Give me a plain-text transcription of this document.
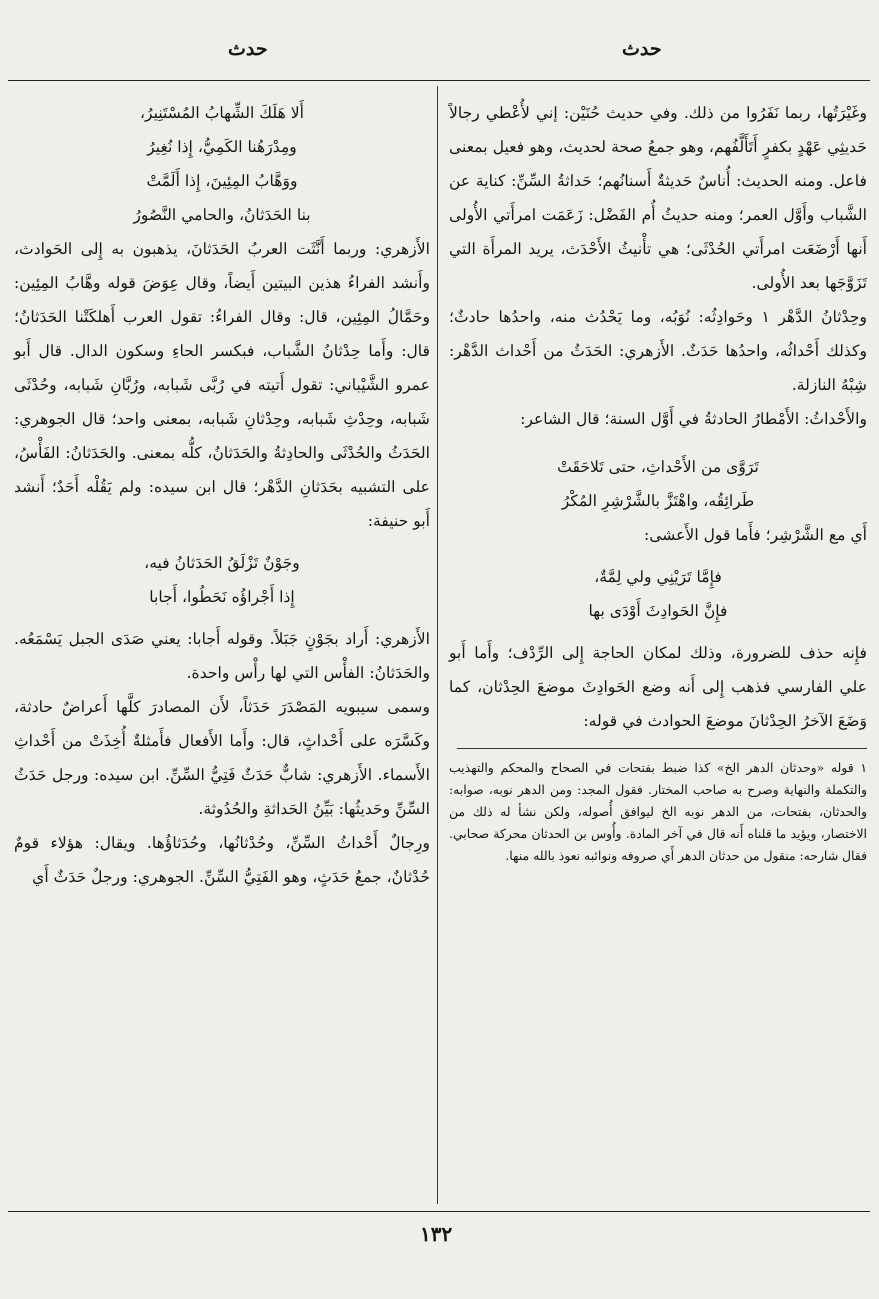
حدث
حدث

وغَيْرَتُها، ربما نَفَرُوا من ذلك. وفي حديث حُنَيْن: إني لأُعْطي رجالاً حَديثِي عَهْدٍ بكفرٍ أَتَأَلَّفُهم، وهو جمعُ صحة لحديث، وهو فعيل بمعنى فاعل. ومنه الحديث: أُناسٌ حَديثةٌ أَسنانُهم؛ حَداثةُ السِّنِّ: كناية عن الشَّباب وأَوَّل العمر؛ ومنه حديثُ أُم الفَضْل: زَعَمَت امرأَتي الأُولى أَنها أَرْضَعَت امرأَتي الحُدْثَى؛ هي تأْنيثُ الأَحْدَث، يريد المرأَة التي تَزَوَّجَها بعد الأُولى.

وحِدْثانُ الدَّهْر ١ وحَوادِثُه: نُوَبُه، وما يَحْدُث منه، واحدُها حادثٌ؛ وكذلك أَحْداثُه، واحدُها حَدَثٌ. الأَزهري: الحَدَثُ من أَحْداث الدَّهْر: شِبْهُ النازلة.

والأَحْداثُ: الأَمْطارُ الحادثةُ في أَوَّل السنة؛ قال الشاعر:

تَرَوَّى من الأَحْداثِ، حتى تَلاحَقَتْ

طَرائِقُه، واهْتَزَّ بالشَّرْشِرِ المُكْرُ

أَي مع الشَّرْشِر؛ فأَما قول الأَعشى:

فإِمَّا تَرَيْنِي ولي لِمَّةٌ،

فإِنَّ الحَوادِثَ أَوْدَى بها

فإِنه حذف للضرورة، وذلك لمكان الحاجة إِلى الرِّدْف؛ وأَما أَبو علي الفارسي فذهب إِلى أَنه وضع الحَوادِثَ موضعَ الحِدْثان، كما وَضَعَ الآخرُ الحِدْثانَ موضعَ الحوادث في قوله:

١ قوله «وحدثان الدهر الخ» كذا ضبط بفتحات في الصحاح والمحكم والتهذيب والتكملة والنهاية وصرح به صاحب المختار. فقول المجد: ومن الدهر نوبه، صوابه: والحدثان، بفتحات، من الدهر نوبه الخ ليوافق أُصوله، ولكن نشأ له ذلك من الاختصار، ويؤيد ما قلناه أَنه قال في آخر المادة. وأُوس بن الحدثان محركة صحابي. فقال شارحه: منقول من حدثان الدهر أَي صروفه ونوائبه نعوذ بالله منها.

أَلا هَلَكَ الشِّهابُ المُسْتَنِيرُ،

ومِدْرَهُنا الكَمِيُّ، إِذا نُغِيرُ

ووَهَّابُ المِئِينَ، إِذا أَلَمَّتْ

بنا الحَدَثانُ، والحامي النَّصُورُ

الأَزهري: وربما أَنَّثَت العربُ الحَدَثانَ، يذهبون به إِلى الحَوادث، وأَنشد الفراءُ هذين البيتين أَيضاً، وقال عِوَضَ قوله وهَّابُ المِئِين: وحَمَّالُ المِئِين، قال: وقال الفراءُ: تقول العرب أَهلكَتْنا الحَدَثانُ؛ قال: وأَما حِدْثانُ الشَّباب، فبكسر الحاءِ وسكون الدال. قال أَبو عمرو الشَّيْباني: تقول أَتيته في رُبَّى شَبابه، ورُبَّانِ شَبابه، وحُدْثَى شَبابه، وحِدْثِ شَبابه، وحِدْثانِ شَبابه، بمعنى واحد؛ قال الجوهري: الحَدَثُ والحُدْثَى والحادِثةُ والحَدَثانُ، كلُّه بمعنى. والحَدَثانُ: الفَأْسُ، على التشبيه بحَدَثانِ الدَّهْر؛ قال ابن سيده: ولم يَقُلْه أَحَدٌ؛ أَنشد أَبو حنيفة:

وجَوْنٌ تَزْلَقُ الحَدَثانُ فيه،

إِذا أَجْراؤُه نَحَطُوا، أَجابا

الأَزهري: أَراد بجَوْنٍ جَبَلاً. وقوله أَجابا: يعني صَدَى الجبل يَسْمَعُه. والحَدَثانُ: الفأْس التي لها رأْس واحدة.

وسمى سيبويه المَصْدَرَ حَدَثاً، لأَن المصادرَ كلَّها أَعراضٌ حادثة، وكَسَّرَه على أَحْداثٍ، قال: وأَما الأَفعال فأَمثلةٌ أُخِذَتْ من أَحْداثِ الأَسماء. الأَزهري: شابٌّ حَدَثٌ فَتِيُّ السِّنِّ. ابن سيده: ورجل حَدَثُ السِّنِّ وحَديثُها: بَيِّنُ الحَداثةِ والحُدُوثة.

ورِجالٌ أَحْداثُ السِّنِّ، وحُدْثانُها، وحُدَثاؤُها. ويقال: هؤلاء قومٌ حُدْثانٌ، جمعُ حَدَثٍ، وهو الفَتِيُّ السِّنِّ. الجوهري: ورجلٌ حَدَثٌ أَي

١٣٢
